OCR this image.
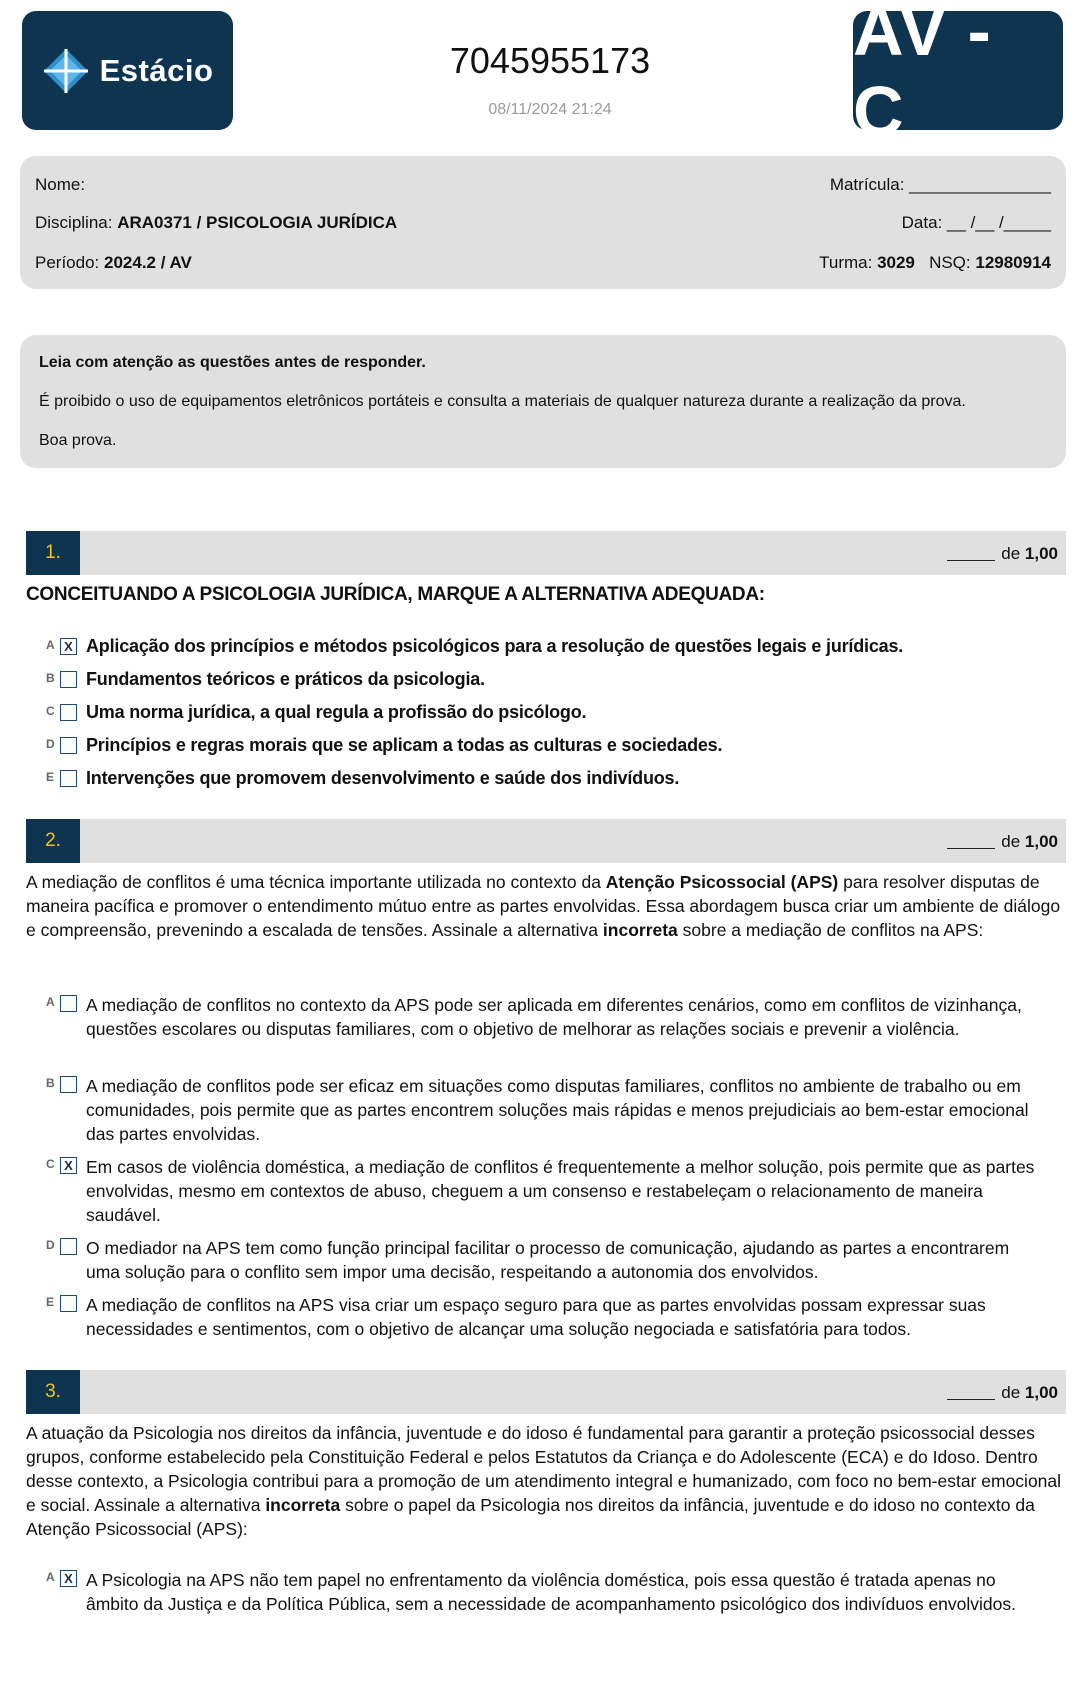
Estácio	7045955173
08/11/2024 21:24
AV - C
Nome:	Matrícula: _______________
Disciplina: ARA0371 / PSICOLOGIA JURÍDICA	Data: __ /__ /_____
Período: 2024.2 / AV	Turma: 3029 NSQ: 12980914

Leia com atenção as questões antes de responder.

É proibido o uso de equipamentos eletrônicos portáteis e consulta a materiais de qualquer natureza durante a realização da prova.

Boa prova.

1.	de 1,00
CONCEITUANDO A PSICOLOGIA JURÍDICA, MARQUE A ALTERNATIVA ADEQUADA:
A X Aplicação dos princípios e métodos psicológicos para a resolução de questões legais e jurídicas.
B Fundamentos teóricos e práticos da psicologia.
C Uma norma jurídica, a qual regula a profissão do psicólogo.
D Princípios e regras morais que se aplicam a todas as culturas e sociedades.
E Intervenções que promovem desenvolvimento e saúde dos indivíduos.
2.	de 1,00
A mediação de conflitos é uma técnica importante utilizada no contexto da Atenção Psicossocial (APS) para resolver disputas de maneira pacífica e promover o entendimento mútuo entre as partes envolvidas. Essa abordagem busca criar um ambiente de diálogo e compreensão, prevenindo a escalada de tensões. Assinale a alternativa incorreta sobre a mediação de conflitos na APS:
A A mediação de conflitos no contexto da APS pode ser aplicada em diferentes cenários, como em conflitos de vizinhança, questões escolares ou disputas familiares, com o objetivo de melhorar as relações sociais e prevenir a violência.
B A mediação de conflitos pode ser eficaz em situações como disputas familiares, conflitos no ambiente de trabalho ou em comunidades, pois permite que as partes encontrem soluções mais rápidas e menos prejudiciais ao bem-estar emocional das partes envolvidas.
C X Em casos de violência doméstica, a mediação de conflitos é frequentemente a melhor solução, pois permite que as partes envolvidas, mesmo em contextos de abuso, cheguem a um consenso e restabeleçam o relacionamento de maneira saudável.
D O mediador na APS tem como função principal facilitar o processo de comunicação, ajudando as partes a encontrarem uma solução para o conflito sem impor uma decisão, respeitando a autonomia dos envolvidos.
E A mediação de conflitos na APS visa criar um espaço seguro para que as partes envolvidas possam expressar suas necessidades e sentimentos, com o objetivo de alcançar uma solução negociada e satisfatória para todos.
3.	de 1,00
A atuação da Psicologia nos direitos da infância, juventude e do idoso é fundamental para garantir a proteção psicossocial desses grupos, conforme estabelecido pela Constituição Federal e pelos Estatutos da Criança e do Adolescente (ECA) e do Idoso. Dentro desse contexto, a Psicologia contribui para a promoção de um atendimento integral e humanizado, com foco no bem-estar emocional e social. Assinale a alternativa incorreta sobre o papel da Psicologia nos direitos da infância, juventude e do idoso no contexto da Atenção Psicossocial (APS):
A X A Psicologia na APS não tem papel no enfrentamento da violência doméstica, pois essa questão é tratada apenas no âmbito da Justiça e da Política Pública, sem a necessidade de acompanhamento psicológico dos indivíduos envolvidos.
